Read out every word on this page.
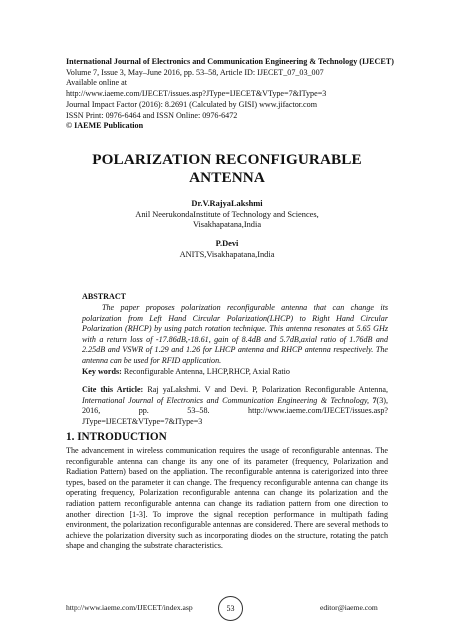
International Journal of Electronics and Communication Engineering & Technology (IJECET)
Volume 7, Issue 3, May–June 2016, pp. 53–58, Article ID: IJECET_07_03_007
Available online at
http://www.iaeme.com/IJECET/issues.asp?JType=IJECET&VType=7&IType=3
Journal Impact Factor (2016): 8.2691 (Calculated by GISI) www.jifactor.com
ISSN Print: 0976-6464 and ISSN Online: 0976-6472
© IAEME Publication
POLARIZATION RECONFIGURABLE
ANTENNA
Dr.V.RajyaLakshmi
Anil NeerukondaInstitute of Technology and Sciences,
Visakhapatana,India
P.Devi
ANITS,Visakhapatana,India
ABSTRACT
The paper proposes polarization reconfigurable antenna that can change its polarization from Left Hand Circular Polarization(LHCP) to Right Hand Circular Polarization (RHCP) by using patch rotation technique. This antenna resonates at 5.65 GHz with a return loss of -17.86dB,-18.61, gain of 8.4dB and 5.7dB,axial ratio of 1.76dB and 2.25dB and VSWR of 1.29 and 1.26 for LHCP antenna and RHCP antenna respectively. The antenna can be used for RFID application.
Key words: Reconfigurable Antenna, LHCP,RHCP, Axial Ratio
Cite this Article: Raj yaLakshmi. V and Devi. P, Polarization Reconfigurable Antenna, International Journal of Electronics and Communication Engineering & Technology, 7(3), 2016, pp. 53–58.	http://www.iaeme.com/IJECET/issues.asp?JType=IJECET&VType=7&IType=3
1. INTRODUCTION
The advancement in wireless communication requires the usage of reconfigurable antennas. The reconfigurable antenna can change its any one of its parameter (frequency, Polarization and Radiation Pattern) based on the appliation. The reconfigurable antenna is caterigorized into three types, based on the parameter it can change. The frequency reconfigurable antenna can change its operating frequency, Polarization reconfigurable antenna can change its polarization and the radiation pattern reconfigurable antenna can change its radiation pattern from one direction to another direction [1-3]. To improve the signal reception performance in multipath fading environment, the polarization reconfigurable antennas are considered. There are several methods to achieve the polarization diversity such as incorporating diodes on the structure, rotating the patch shape and changing the substrate characteristics.
http://www.iaeme.com/IJECET/index.asp	53	editor@iaeme.com
